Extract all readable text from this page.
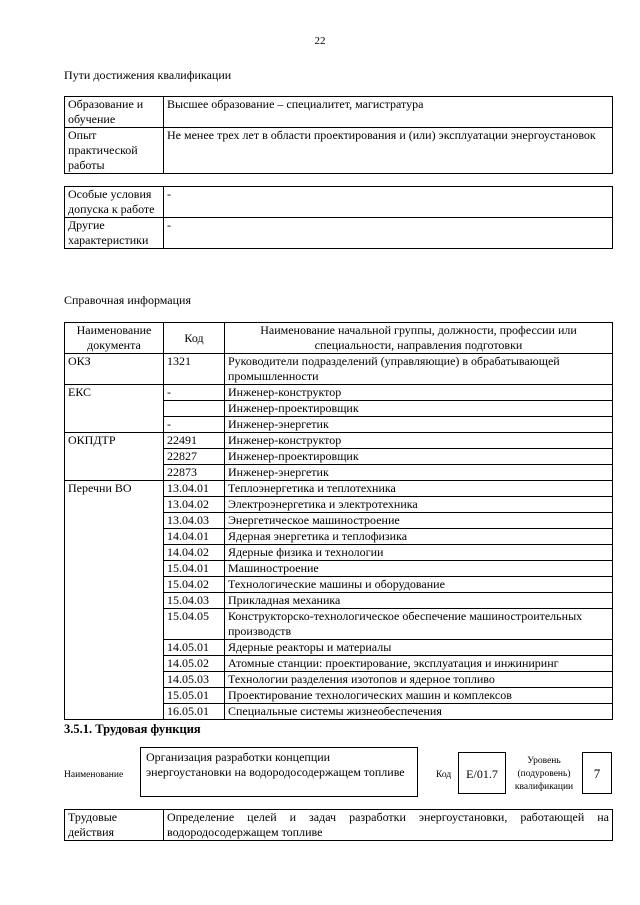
22
Пути достижения квалификации
Образование и обучение	Высшее образование – специалитет, магистратура
Опыт практической работы	Не менее трех лет в области проектирования и (или) эксплуатации энергоустановок
Особые условия допуска к работе	-
Другие характеристики	-
Справочная информация
Наименование документа	Код	Наименование начальной группы, должности, профессии или специальности, направления подготовки
ОКЗ	1321	Руководители подразделений (управляющие) в обрабатывающей промышленности
ЕКС	-	Инженер-конструктор
		Инженер-проектировщик
	-	Инженер-энергетик
ОКПДТР	22491	Инженер-конструктор
	22827	Инженер-проектировщик
	22873	Инженер-энергетик
Перечни ВО	13.04.01	Теплоэнергетика и теплотехника
	13.04.02	Электроэнергетика и электротехника
	13.04.03	Энергетическое машиностроение
	14.04.01	Ядерная энергетика и теплофизика
	14.04.02	Ядерные физика и технологии
	15.04.01	Машиностроение
	15.04.02	Технологические машины и оборудование
	15.04.03	Прикладная механика
	15.04.05	Конструкторско-технологическое обеспечение машиностроительных производств
	14.05.01	Ядерные реакторы и материалы
	14.05.02	Атомные станции: проектирование, эксплуатация и инжиниринг
	14.05.03	Технологии разделения изотопов и ядерное топливо
	15.05.01	Проектирование технологических машин и комплексов
	16.05.01	Специальные системы жизнеобеспечения
3.5.1. Трудовая функция
Наименование
Организация разработки концепции энергоустановки на водородосодержащем топливе	Код	E/01.7
Уровень (подуровень) квалификации
7
Трудовые действия	Определение целей и задач разработки энергоустановки, работающей на водородосодержащем топливе
